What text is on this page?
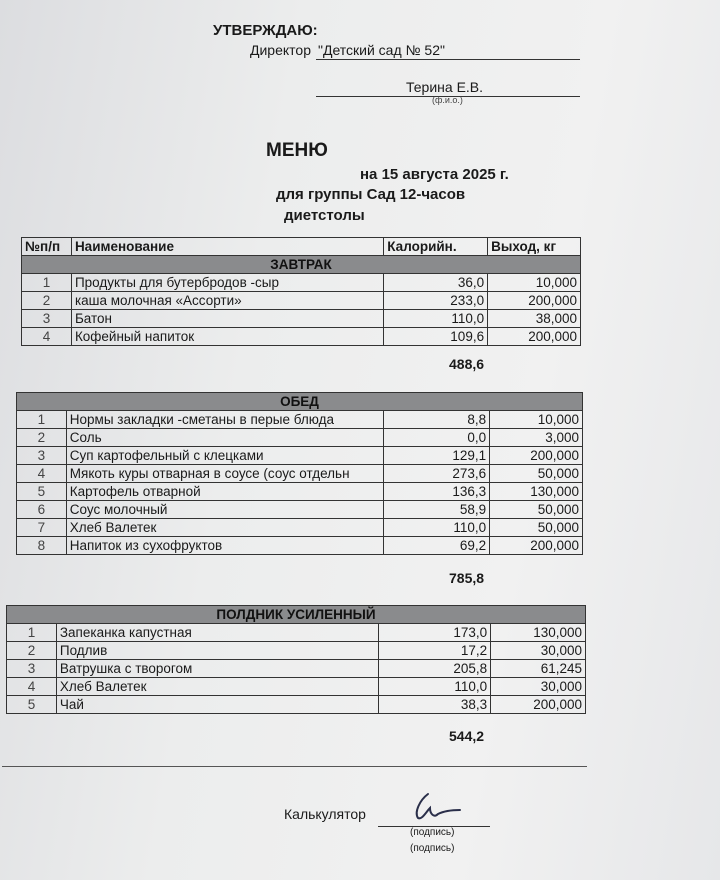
УТВЕРЖДАЮ:
Директор "Детский сад № 52"
Терина Е.В.
(ф.и.о.)
МЕНЮ
на 15 августа 2025 г.
для группы Сад 12-часов
диетстолы
№п/п	Наименование	Калорийн.	Выход, кг
ЗАВТРАК			
1	Продукты для бутербродов -сыр	36,0	10,000
2	каша молочная «Ассорти»	233,0	200,000
3	Батон	110,0	38,000
4	Кофейный напиток	109,6	200,000
488,6
ОБЕД			
1	Нормы закладки -сметаны в перые блюда	8,8	10,000
2	Соль	0,0	3,000
3	Суп картофельный с клецками	129,1	200,000
4	Мякоть куры отварная в соусе (соус отдельн	273,6	50,000
5	Картофель отварной	136,3	130,000
6	Соус молочный	58,9	50,000
7	Хлеб Валетек	110,0	50,000
8	Напиток из сухофруктов	69,2	200,000
785,8
ПОЛДНИК УСИЛЕННЫЙ			
1	Запеканка капустная	173,0	130,000
2	Подлив	17,2	30,000
3	Ватрушка с творогом	205,8	61,245
4	Хлеб Валетек	110,0	30,000
5	Чай	38,3	200,000
544,2
Калькулятор
(подпись)
(подпись)
